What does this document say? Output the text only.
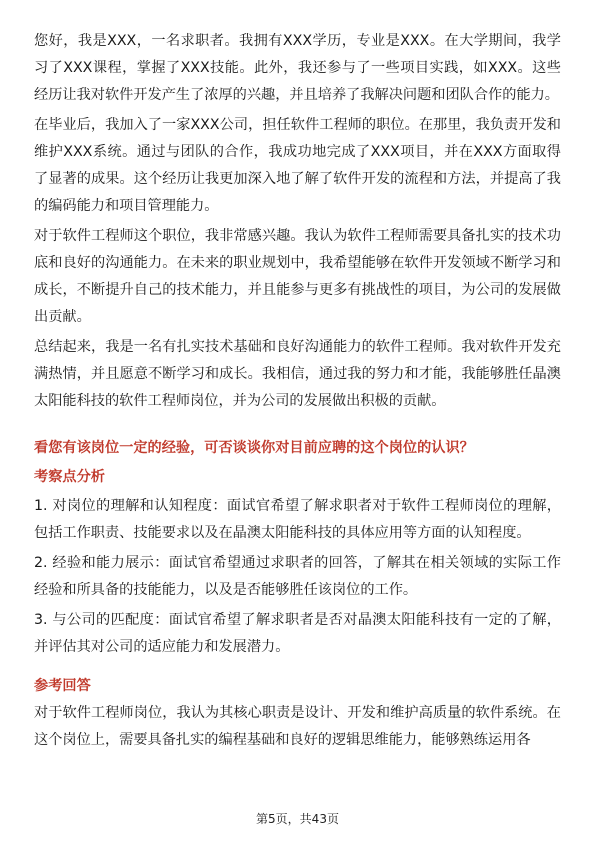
您好，我是XXX，一名求职者。我拥有XXX学历，专业是XXX。在大学期间，我学习了XXX课程，掌握了XXX技能。此外，我还参与了一些项目实践，如XXX。这些经历让我对软件开发产生了浓厚的兴趣，并且培养了我解决问题和团队合作的能力。

在毕业后，我加入了一家XXX公司，担任软件工程师的职位。在那里，我负责开发和维护XXX系统。通过与团队的合作，我成功地完成了XXX项目，并在XXX方面取得了显著的成果。这个经历让我更加深入地了解了软件开发的流程和方法，并提高了我的编码能力和项目管理能力。

对于软件工程师这个职位，我非常感兴趣。我认为软件工程师需要具备扎实的技术功底和良好的沟通能力。在未来的职业规划中，我希望能够在软件开发领域不断学习和成长，不断提升自己的技术能力，并且能参与更多有挑战性的项目，为公司的发展做出贡献。

总结起来，我是一名有扎实技术基础和良好沟通能力的软件工程师。我对软件开发充满热情，并且愿意不断学习和成长。我相信，通过我的努力和才能，我能够胜任晶澳太阳能科技的软件工程师岗位，并为公司的发展做出积极的贡献。

看您有该岗位一定的经验，可否谈谈你对目前应聘的这个岗位的认识？

考察点分析

1. 对岗位的理解和认知程度：面试官希望了解求职者对于软件工程师岗位的理解，包括工作职责、技能要求以及在晶澳太阳能科技的具体应用等方面的认知程度。

2. 经验和能力展示：面试官希望通过求职者的回答，了解其在相关领域的实际工作经验和所具备的技能能力，以及是否能够胜任该岗位的工作。

3. 与公司的匹配度：面试官希望了解求职者是否对晶澳太阳能科技有一定的了解，并评估其对公司的适应能力和发展潜力。

参考回答

对于软件工程师岗位，我认为其核心职责是设计、开发和维护高质量的软件系统。在这个岗位上，需要具备扎实的编程基础和良好的逻辑思维能力，能够熟练运用各

第5页，共43页
